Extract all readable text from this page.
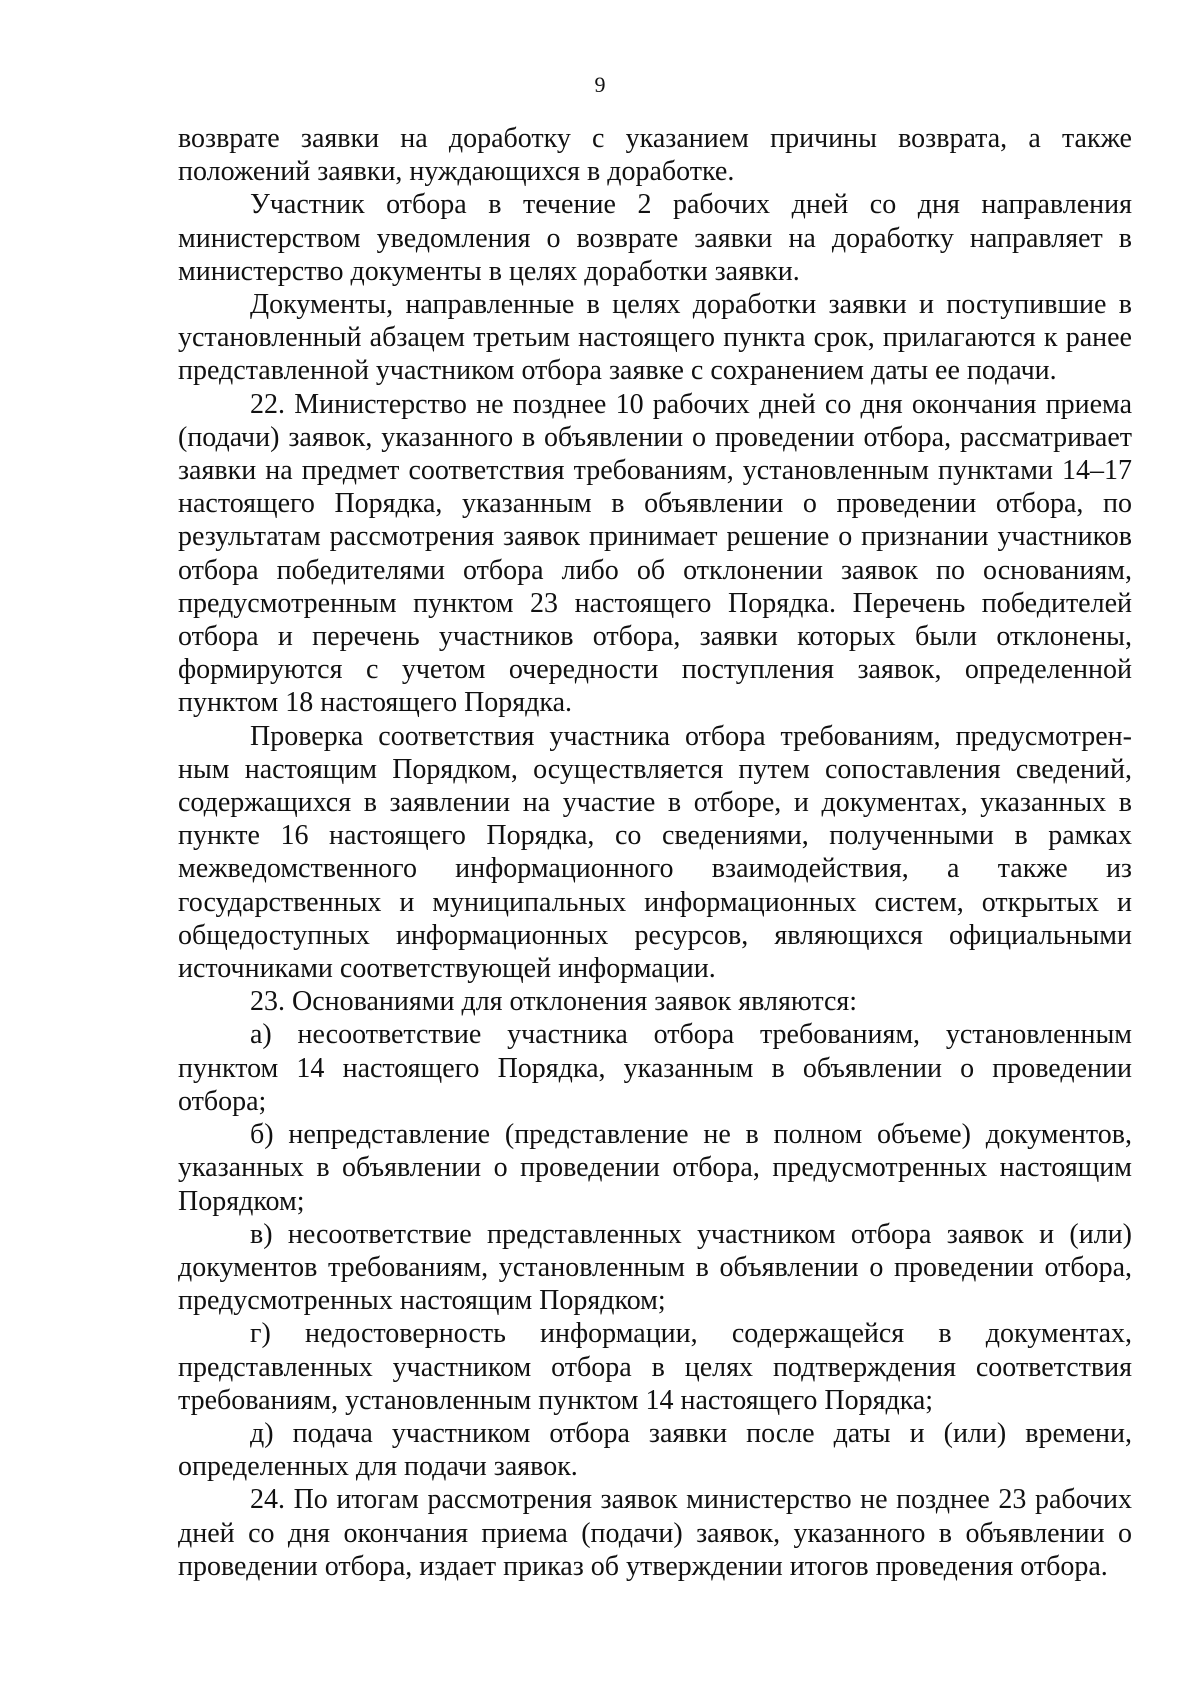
9

возврате заявки на доработку с указанием причины возврата, а также положений заявки, нуждающихся в доработке.

Участник отбора в течение 2 рабочих дней со дня направления министерством уведомления о возврате заявки на доработку направляет в министерство документы в целях доработки заявки.

Документы, направленные в целях доработки заявки и поступившие в установленный абзацем третьим настоящего пункта срок, прилагаются к ранее представленной участником отбора заявке с сохранением даты ее подачи.

22. Министерство не позднее 10 рабочих дней со дня окончания приема (подачи) заявок, указанного в объявлении о проведении отбора, рассматривает заявки на предмет соответствия требованиям, установленным пунктами 14–17 настоящего Порядка, указанным в объявлении о проведении отбора, по результатам рассмотрения заявок принимает решение о признании участников отбора победителями отбора либо об отклонении заявок по основаниям, предусмотренным пунктом 23 настоящего Порядка. Перечень победителей отбора и перечень участников отбора, заявки которых были отклонены, формируются с учетом очередности поступления заявок, определенной пунктом 18 настоящего Порядка.

Проверка соответствия участника отбора требованиям, предусмотренным настоящим Порядком, осуществляется путем сопоставления сведений, содержащихся в заявлении на участие в отборе, и документах, указанных в пункте 16 настоящего Порядка, со сведениями, полученными в рамках межведомственного информационного взаимодействия, а также из государственных и муниципальных информационных систем, открытых и общедоступных информационных ресурсов, являющихся официальными источниками соответствующей информации.

23. Основаниями для отклонения заявок являются:

а) несоответствие участника отбора требованиям, установленным пунктом 14 настоящего Порядка, указанным в объявлении о проведении отбора;

б) непредставление (представление не в полном объеме) документов, указанных в объявлении о проведении отбора, предусмотренных настоящим Порядком;

в) несоответствие представленных участником отбора заявок и (или) документов требованиям, установленным в объявлении о проведении отбора, предусмотренных настоящим Порядком;

г) недостоверность информации, содержащейся в документах, представленных участником отбора в целях подтверждения соответствия требованиям, установленным пунктом 14 настоящего Порядка;

д) подача участником отбора заявки после даты и (или) времени, определенных для подачи заявок.

24. По итогам рассмотрения заявок министерство не позднее 23 рабочих дней со дня окончания приема (подачи) заявок, указанного в объявлении о проведении отбора, издает приказ об утверждении итогов проведения отбора.
